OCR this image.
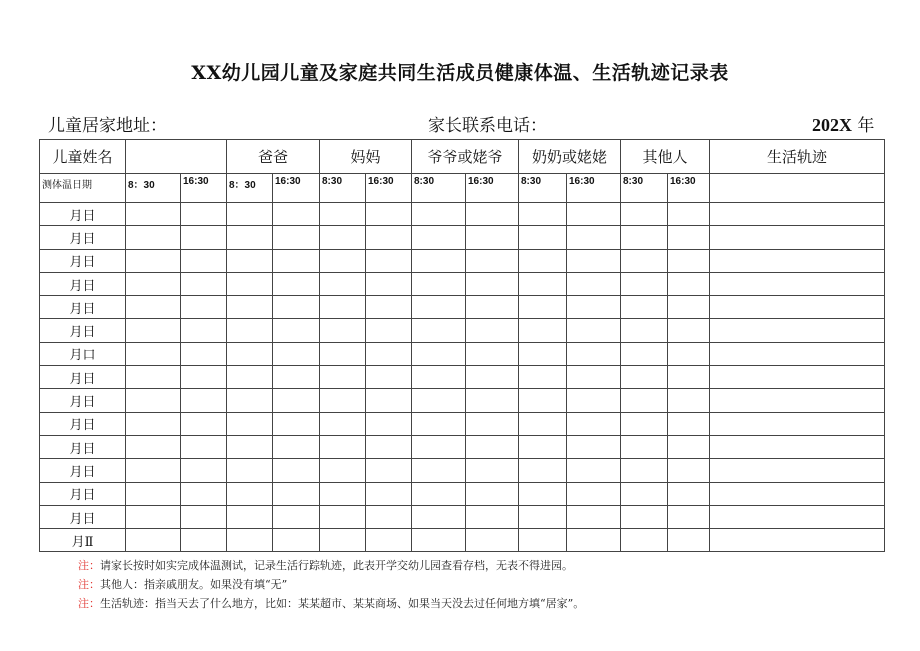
XX幼儿园儿童及家庭共同生活成员健康体温、生活轨迹记录表
儿童居家地址：	家长联系电话：	202X 年
儿童姓名			爸爸		妈妈		爷爷或姥爷		奶奶或姥姥		其他人		生活轨迹
测体温日期	8：30	16:30	8：30	16:30	8:30	16:30	8:30	16:30	8:30	16:30	8:30	16:30	
月日													
月日													
月日													
月日													
月日													
月日													
月口													
月日													
月日													
月日													
月日													
月日													
月日													
月日													
月Ⅱ													
注：请家长按时如实完成体温测试，记录生活行踪轨迹，此表开学交幼儿园查看存档，无表不得进园。
注：其他人：指亲戚朋友。如果没有填“无”
注：生活轨迹：指当天去了什么地方，比如：某某超市、某某商场、如果当天没去过任何地方填“居家”。
